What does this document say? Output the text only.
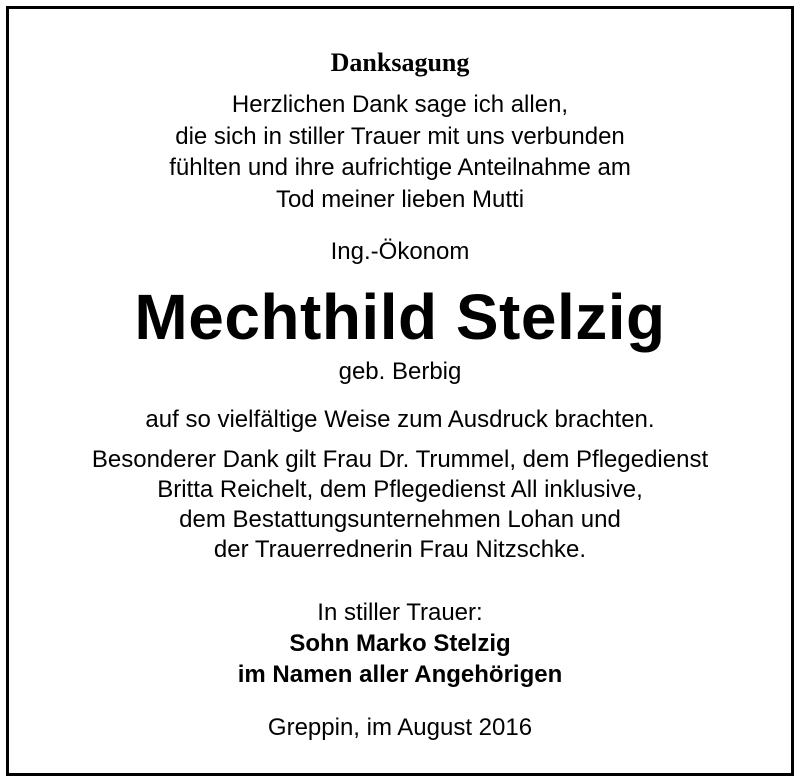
Danksagung
Herzlichen Dank sage ich allen,
die sich in stiller Trauer mit uns verbunden
fühlten und ihre aufrichtige Anteilnahme am
Tod meiner lieben Mutti
Ing.-Ökonom
Mechthild Stelzig
geb. Berbig
auf so vielfältige Weise zum Ausdruck brachten.
Besonderer Dank gilt Frau Dr. Trummel, dem Pflegedienst
Britta Reichelt, dem Pflegedienst All inklusive,
dem Bestattungsunternehmen Lohan und
der Trauerrednerin Frau Nitzschke.
In stiller Trauer:
Sohn Marko Stelzig
im Namen aller Angehörigen
Greppin, im August 2016
